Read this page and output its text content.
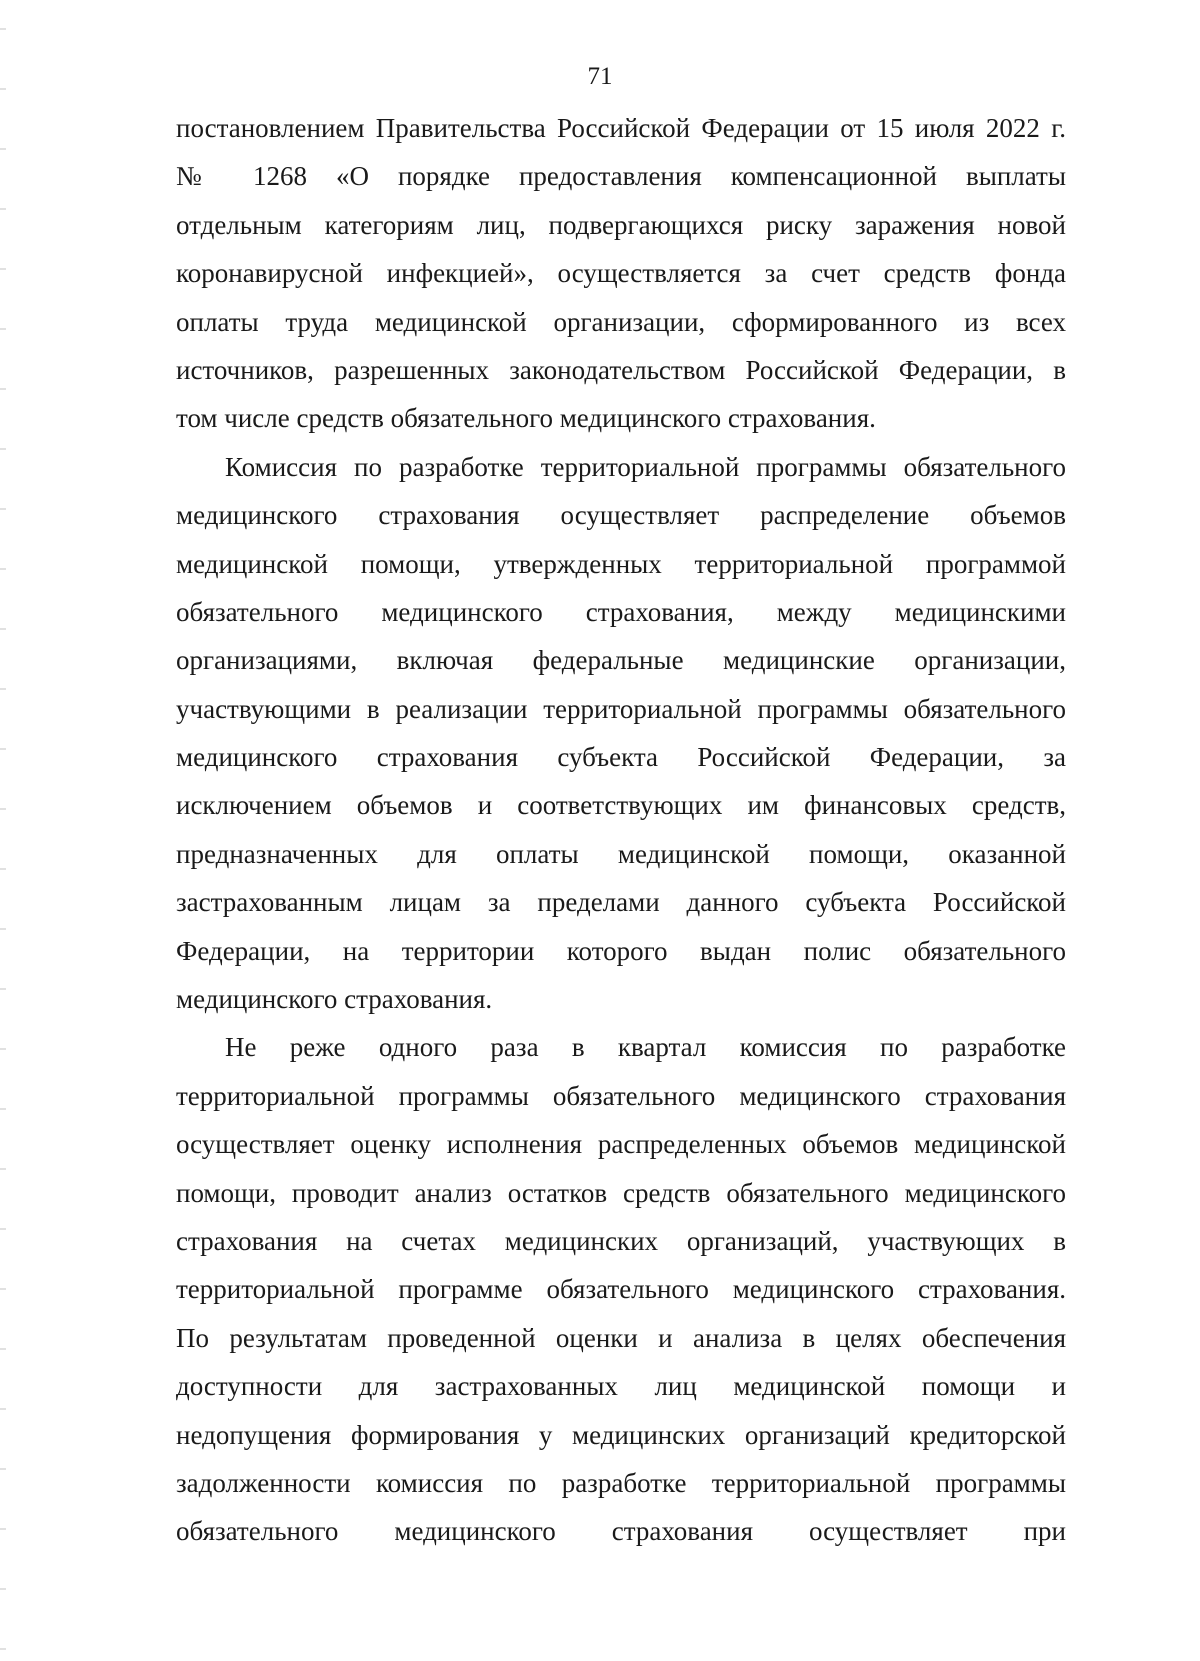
71
постановлением Правительства Российской Федерации от 15 июля 2022 г.
№ 1268 «О порядке предоставления компенсационной выплаты
отдельным категориям лиц, подвергающихся риску заражения новой
коронавирусной инфекцией», осуществляется за счет средств фонда
оплаты труда медицинской организации, сформированного из всех
источников, разрешенных законодательством Российской Федерации, в
том числе средств обязательного медицинского страхования.
Комиссия по разработке территориальной программы обязательного
медицинского страхования осуществляет распределение объемов
медицинской помощи, утвержденных территориальной программой
обязательного медицинского страхования, между медицинскими
организациями, включая федеральные медицинские организации,
участвующими в реализации территориальной программы обязательного
медицинского страхования субъекта Российской Федерации, за
исключением объемов и соответствующих им финансовых средств,
предназначенных для оплаты медицинской помощи, оказанной
застрахованным лицам за пределами данного субъекта Российской
Федерации, на территории которого выдан полис обязательного
медицинского страхования.
Не реже одного раза в квартал комиссия по разработке
территориальной программы обязательного медицинского страхования
осуществляет оценку исполнения распределенных объемов медицинской
помощи, проводит анализ остатков средств обязательного медицинского
страхования на счетах медицинских организаций, участвующих в
территориальной программе обязательного медицинского страхования.
По результатам проведенной оценки и анализа в целях обеспечения
доступности для застрахованных лиц медицинской помощи и
недопущения формирования у медицинских организаций кредиторской
задолженности комиссия по разработке территориальной программы
обязательного медицинского страхования осуществляет при
